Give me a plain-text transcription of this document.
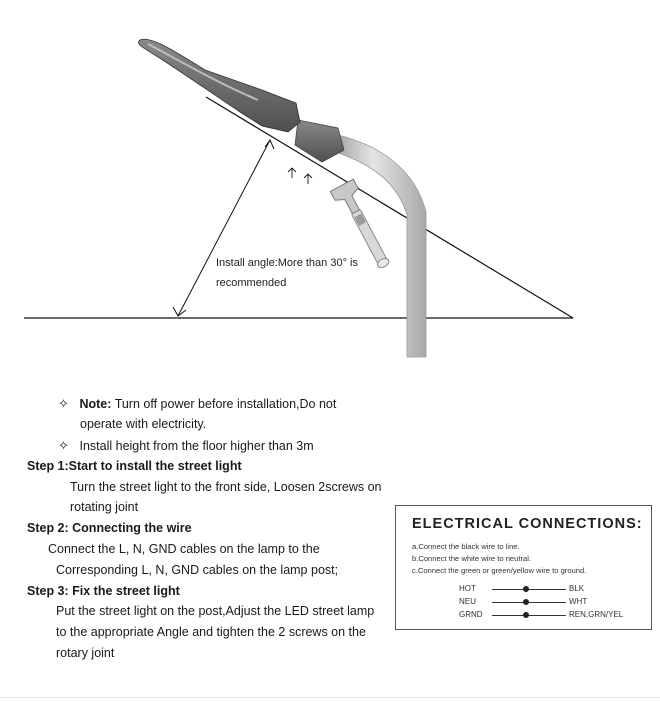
Install angle:More than 30° is
recommended
✧ Note: Turn off power before installation,Do not
operate with electricity.
✧ Install height from the floor higher than 3m
Step 1:Start to install the street light
Turn the street light to the front side, Loosen 2screws on
rotating joint
Step 2: Connecting the wire
Connect the L, N, GND cables on the lamp to the
Corresponding L, N, GND cables on the lamp post;
Step 3: Fix the street light
Put the street light on the post,Adjust the LED street lamp
to the appropriate Angle and tighten the 2 screws on the
rotary joint
ELECTRICAL CONNECTIONS:
a.Connect the black wire to line.
b.Connect the white wire to neutral.
c.Connect the green or green/yellow wire to ground.
HOT	BLK
NEU	WHT
GRND	REN,GRN/YEL
